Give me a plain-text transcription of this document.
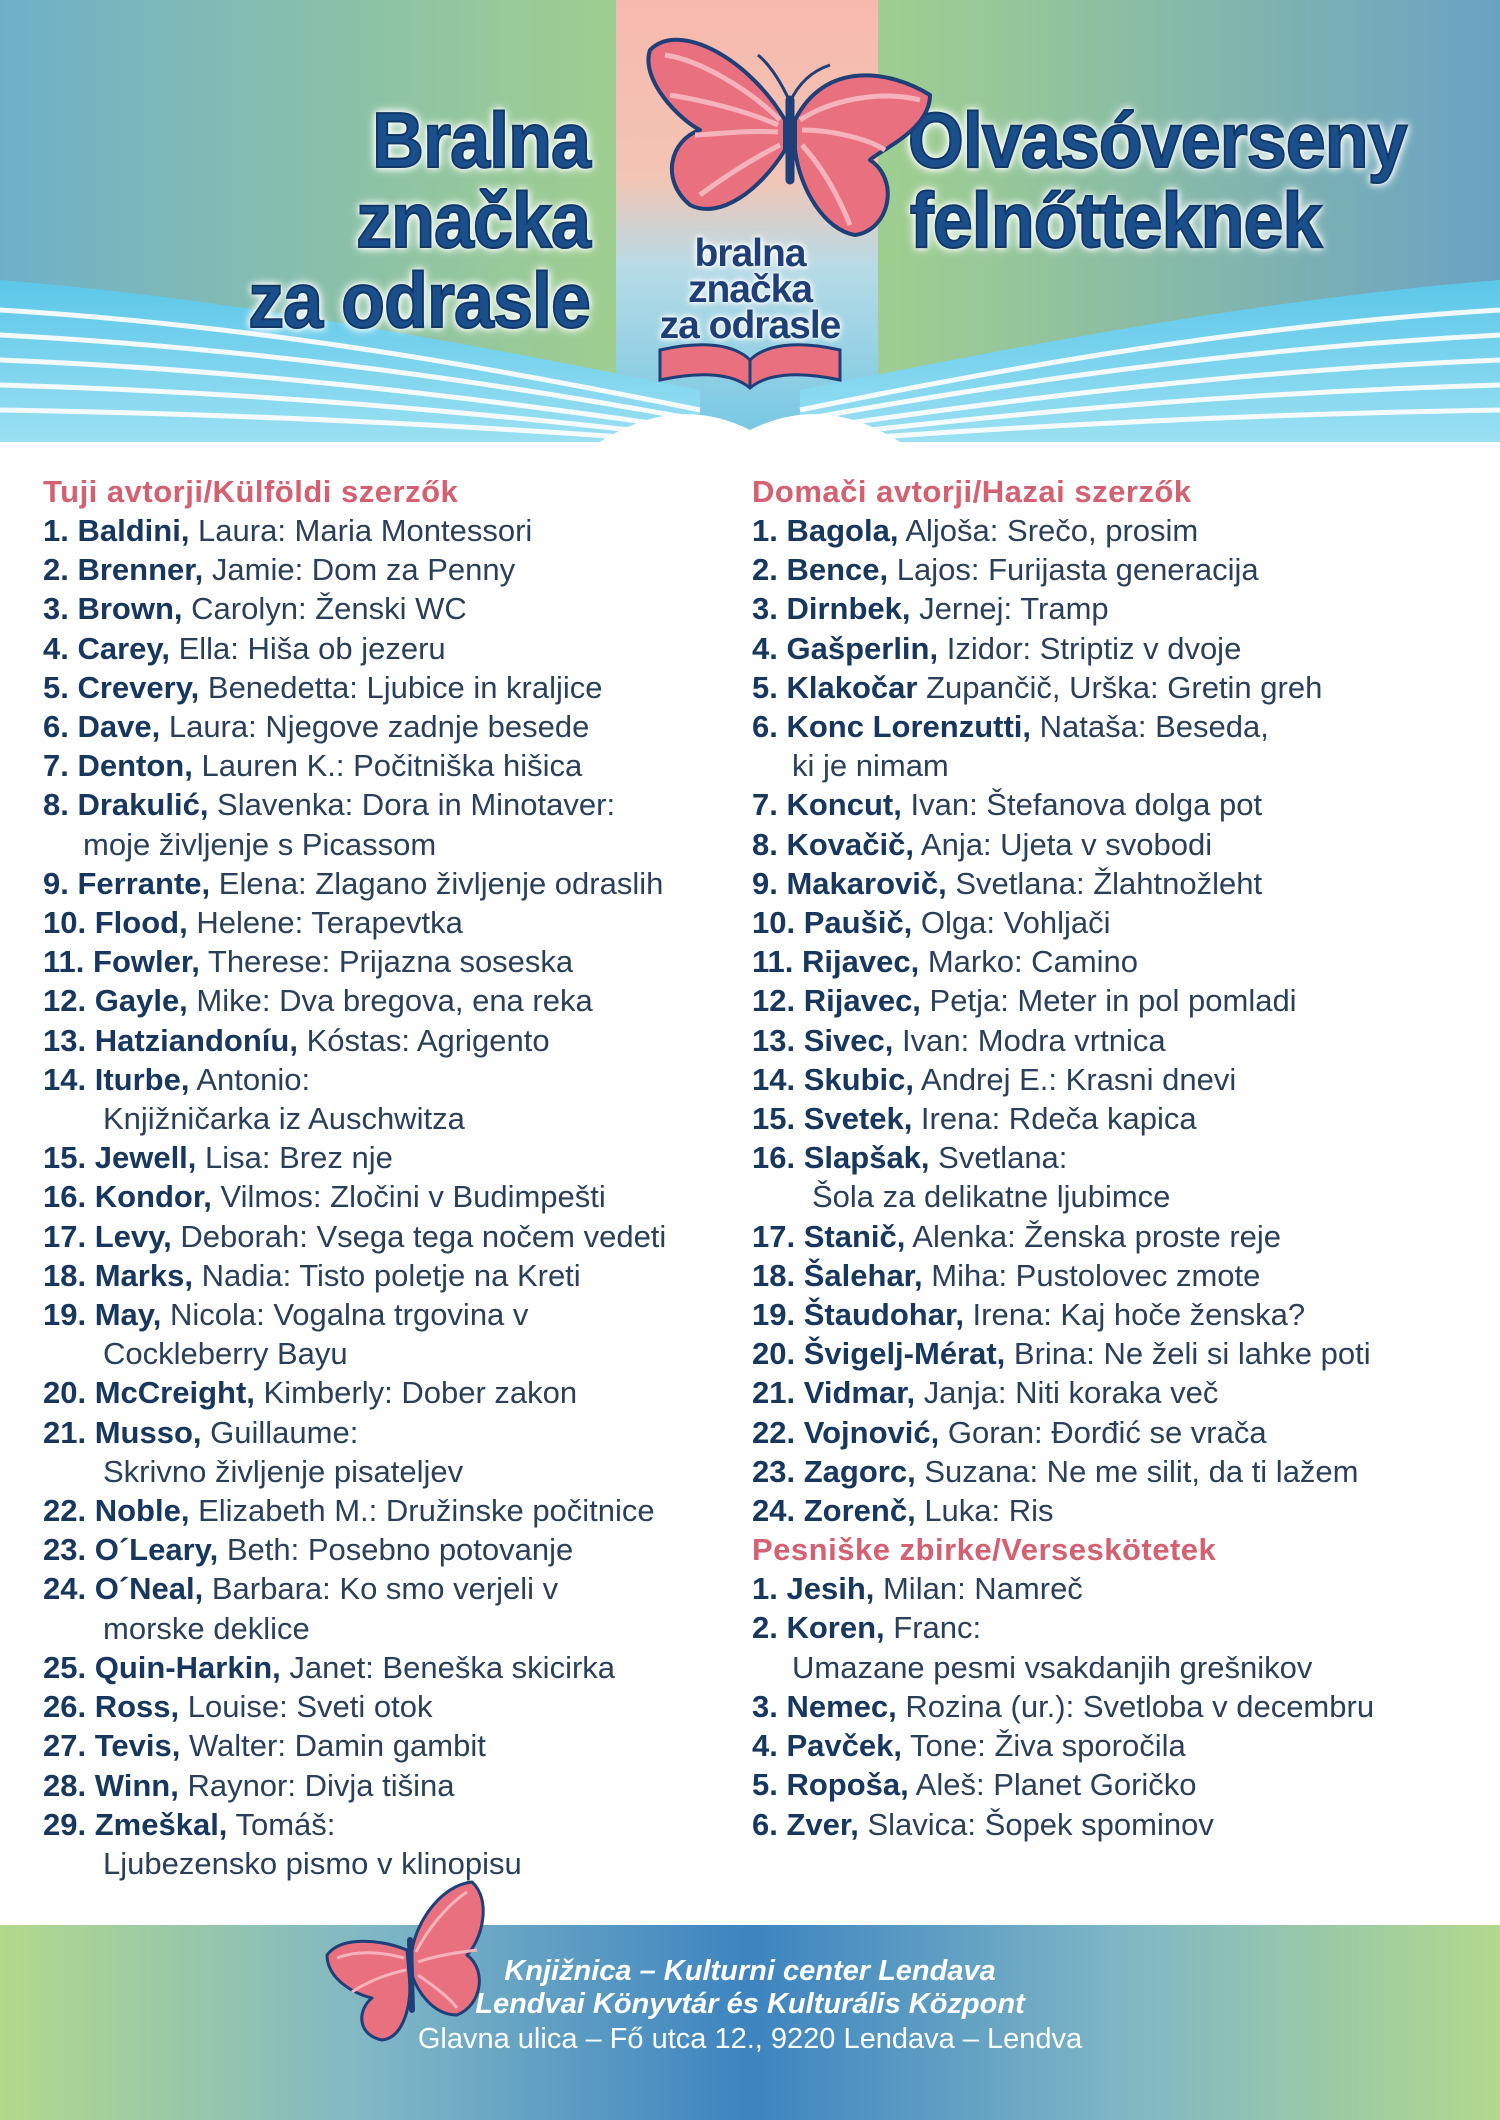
Bralna značka
za odrasle
Olvasóverseny
felnőtteknek
bralna
značka
za odrasle
Tuji avtorji/Külföldi szerzők
1. Baldini, Laura: Maria Montessori
2. Brenner, Jamie: Dom za Penny
3. Brown, Carolyn: Ženski WC
4. Carey, Ella: Hiša ob jezeru
5. Crevery, Benedetta: Ljubice in kraljice
6. Dave, Laura: Njegove zadnje besede
7. Denton, Lauren K.: Počitniška hišica
8. Drakulić, Slavenka: Dora in Minotaver:
moje življenje s Picassom
9. Ferrante, Elena: Zlagano življenje odraslih
10. Flood, Helene: Terapevtka
11. Fowler, Therese: Prijazna soseska
12. Gayle, Mike: Dva bregova, ena reka
13. Hatziandoníu, Kóstas: Agrigento
14. Iturbe, Antonio:
Knjižničarka iz Auschwitza
15. Jewell, Lisa: Brez nje
16. Kondor, Vilmos: Zločini v Budimpešti
17. Levy, Deborah: Vsega tega nočem vedeti
18. Marks, Nadia: Tisto poletje na Kreti
19. May, Nicola: Vogalna trgovina v
Cockleberry Bayu
20. McCreight, Kimberly: Dober zakon
21. Musso, Guillaume:
Skrivno življenje pisateljev
22. Noble, Elizabeth M.: Družinske počitnice
23. O´Leary, Beth: Posebno potovanje
24. O´Neal, Barbara: Ko smo verjeli v
morske deklice
25. Quin-Harkin, Janet: Beneška skicirka
26. Ross, Louise: Sveti otok
27. Tevis, Walter: Damin gambit
28. Winn, Raynor: Divja tišina
29. Zmeškal, Tomáš:
Ljubezensko pismo v klinopisu
Domači avtorji/Hazai szerzők
1. Bagola, Aljoša: Srečo, prosim
2. Bence, Lajos: Furijasta generacija
3. Dirnbek, Jernej: Tramp
4. Gašperlin, Izidor: Striptiz v dvoje
5. Klakočar Zupančič, Urška: Gretin greh
6. Konc Lorenzutti, Nataša: Beseda,
ki je nimam
7. Koncut, Ivan: Štefanova dolga pot
8. Kovačič, Anja: Ujeta v svobodi
9. Makarovič, Svetlana: Žlahtnožleht
10. Paušič, Olga: Vohljači
11. Rijavec, Marko: Camino
12. Rijavec, Petja: Meter in pol pomladi
13. Sivec, Ivan: Modra vrtnica
14. Skubic, Andrej E.: Krasni dnevi
15. Svetek, Irena: Rdeča kapica
16. Slapšak, Svetlana:
Šola za delikatne ljubimce
17. Stanič, Alenka: Ženska proste reje
18. Šalehar, Miha: Pustolovec zmote
19. Štaudohar, Irena: Kaj hoče ženska?
20. Švigelj-Mérat, Brina: Ne želi si lahke poti
21. Vidmar, Janja: Niti koraka več
22. Vojnović, Goran: Đorđić se vrača
23. Zagorc, Suzana: Ne me silit, da ti lažem
24. Zorenč, Luka: Ris
Pesniške zbirke/Verseskötetek
1. Jesih, Milan: Namreč
2. Koren, Franc:
Umazane pesmi vsakdanjih grešnikov
3. Nemec, Rozina (ur.): Svetloba v decembru
4. Pavček, Tone: Živa sporočila
5. Ropoša, Aleš: Planet Goričko
6. Zver, Slavica: Šopek spominov
Knjižnica – Kulturni center Lendava
Lendvai Könyvtár és Kulturális Központ
Glavna ulica – Fő utca 12., 9220 Lendava – Lendva
